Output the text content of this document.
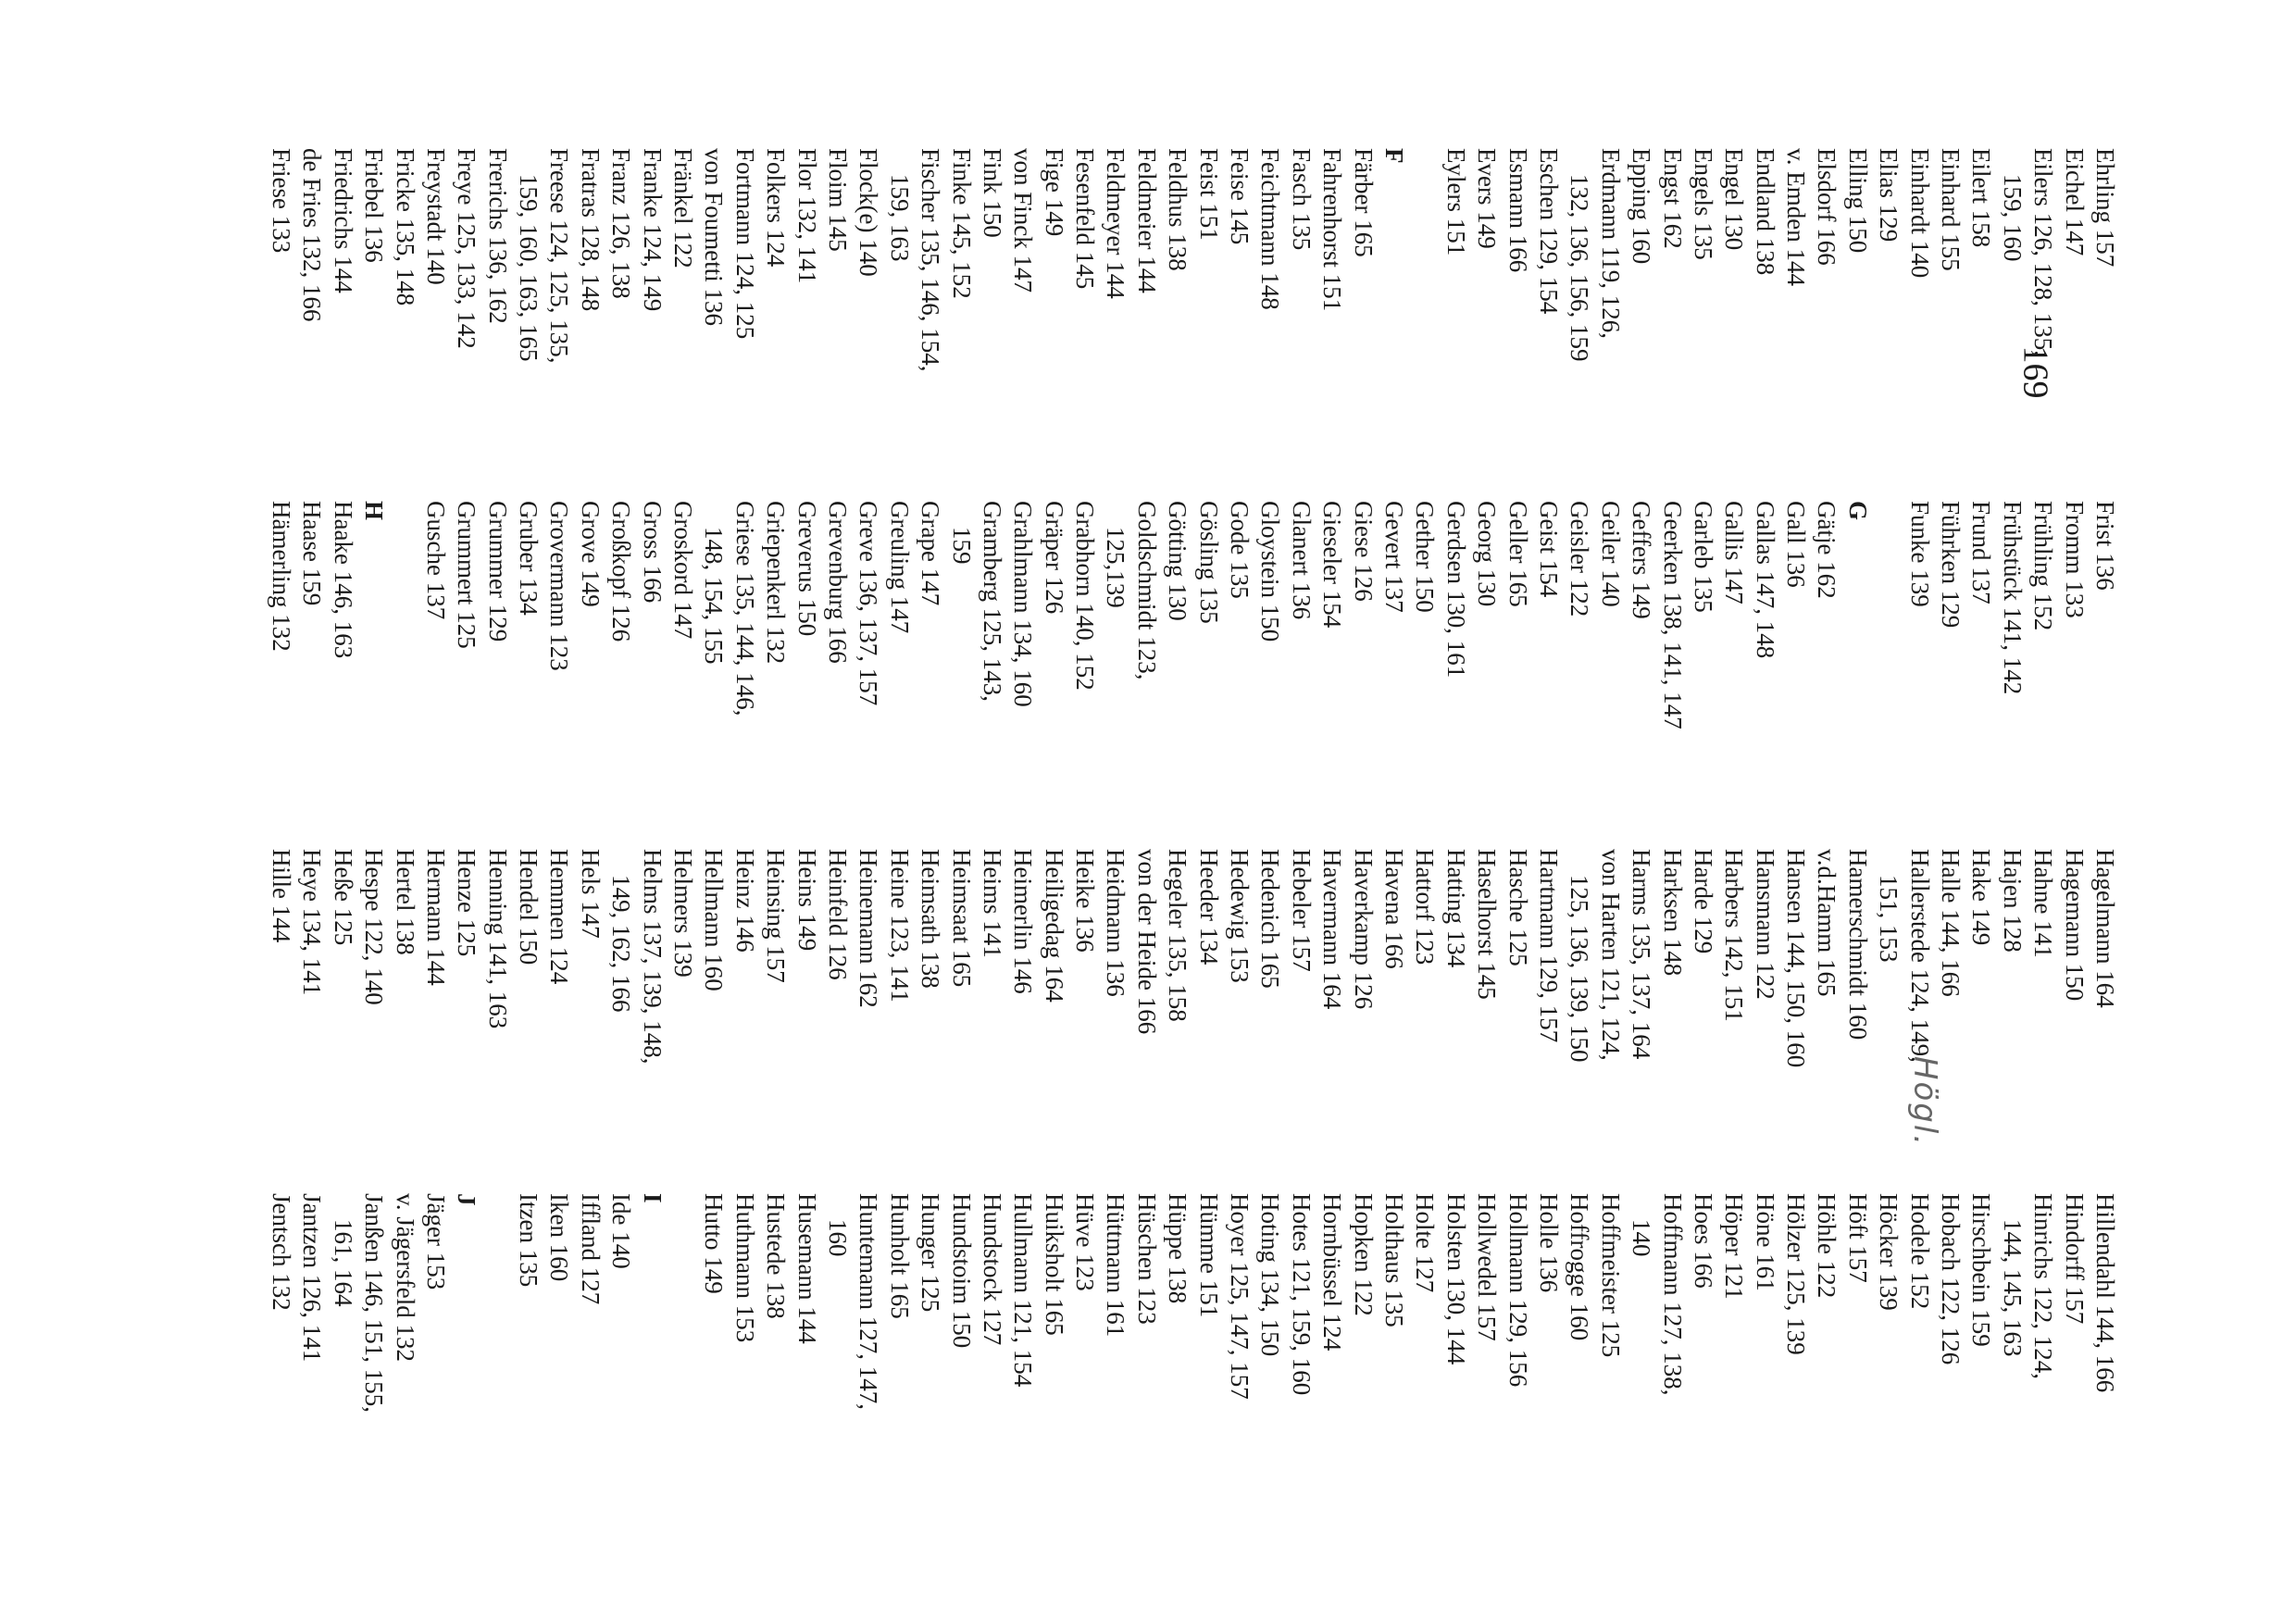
Ehrling 157
Eichel 147
Eilers 126, 128, 135,
159, 160
Eilert 158
Einhard 155
Einhardt 140
Elias 129
Elling 150
Elsdorf 166
v. Emden 144
Endland 138
Engel 130
Engels 135
Engst 162
Epping 160
Erdmann 119, 126,
132, 136, 156, 159
Eschen 129, 154
Esmann 166
Evers 149
Eylers 151
F
Färber 165
Fahrenhorst 151
Fasch 135
Feichtmann 148
Feise 145
Feist 151
Feldhus 138
Feldmeier 144
Feldmeyer 144
Fesenfeld 145
Fige 149
von Finck 147
Fink 150
Finke 145, 152
Fischer 135, 146, 154,
159, 163
Flock(e) 140
Floim 145
Flor 132, 141
Folkers 124
Fortmann 124, 125
von Foumetti 136
Fränkel 122
Franke 124, 149
Franz 126, 138
Fratras 128, 148
Freese 124, 125, 135,
159, 160, 163, 165
Frerichs 136, 162
Freye 125, 133, 142
Freystadt 140
Fricke 135, 148
Friebel 136
Friedrichs 144
de Fries 132, 166
Friese 133
Frist 136
Fromm 133
Frühling 152
Frühstück 141, 142
Frund 137
Führken 129
Funke 139
G
Gätje 162
Gall 136
Gallas 147, 148
Gallis 147
Garleb 135
Geerken 138, 141, 147
Geffers 149
Geiler 140
Geisler 122
Geist 154
Geller 165
Georg 130
Gerdsen 130, 161
Gether 150
Gevert 137
Giese 126
Gieseler 154
Glanert 136
Gloystein 150
Gode 135
Gösling 135
Götting 130
Goldschmidt 123,
125,139
Grabhorn 140, 152
Gräper 126
Grahlmann 134, 160
Gramberg 125, 143,
159
Grape 147
Greuling 147
Greve 136, 137, 157
Grevenburg 166
Greverus 150
Griepenkerl 132
Griese 135, 144, 146,
148, 154, 155
Groskord 147
Gross 166
Großkopf 126
Grove 149
Grovermann 123
Gruber 134
Grummer 129
Grummert 125
Gusche 137
H
Haake 146, 163
Haase 159
Hämerling 132
Hagelmann 164
Hagemann 150
Hahne 141
Hajen 128
Hake 149
Halle 144, 166
Hallerstede 124, 149,
151, 153
Hamerschmidt 160
v.d.Hamm 165
Hansen 144, 150, 160
Hansmann 122
Harbers 142, 151
Harde 129
Harksen 148
Harms 135, 137, 164
von Harten 121, 124,
125, 136, 139, 150
Hartmann 129, 157
Hasche 125
Haselhorst 145
Hatting 134
Hattorf 123
Havena 166
Haverkamp 126
Havermann 164
Hebeler 157
Hedenich 165
Hedewig 153
Heeder 134
Hegeler 135, 158
von der Heide 166
Heidmann 136
Heike 136
Heiligedag 164
Heimerlin 146
Heims 141
Heimsaat 165
Heimsath 138
Heine 123, 141
Heinemann 162
Heinfeld 126
Heins 149
Heinsing 157
Heinz 146
Hellmann 160
Helmers 139
Helms 137, 139, 148,
149, 162, 166
Hels 147
Hemmen 124
Hendel 150
Henning 141, 163
Henze 125
Hermann 144
Hertel 138
Hespe 122, 140
Heße 125
Heye 134, 141
Hille 144
Hillendahl 144, 166
Hindorff 157
Hinrichs 122, 124,
144, 145, 163
Hirschbein 159
Hobach 122, 126
Hodele 152
Höcker 139
Höft 157
Höhle 122
Hölzer 125, 139
Höne 161
Höper 121
Hoes 166
Hoffmann 127, 138,
140
Hoffmeister 125
Hoffrogge 160
Holle 136
Hollmann 129, 156
Hollwedel 157
Holsten 130, 144
Holte 127
Holthaus 135
Hopken 122
Hornbüssel 124
Hotes 121, 159, 160
Hoting 134, 150
Hoyer 125, 147, 157
Hümme 151
Hüppe 138
Hüschen 123
Hüttmann 161
Hüve 123
Huiksholt 165
Hullmann 121, 154
Hundstock 127
Hundstoim 150
Hunger 125
Hunholt 165
Huntemann 127, 147,
160
Husemann 144
Hustede 138
Huthmann 153
Hutto 149
I
Ide 140
Iffland 127
Iken 160
Itzen 135
J
Jäger 153
v. Jägersfeld 132
Janßen 146, 151, 155,
161, 164
Jantzen 126, 141
Jentsch 132
169
Högl.
